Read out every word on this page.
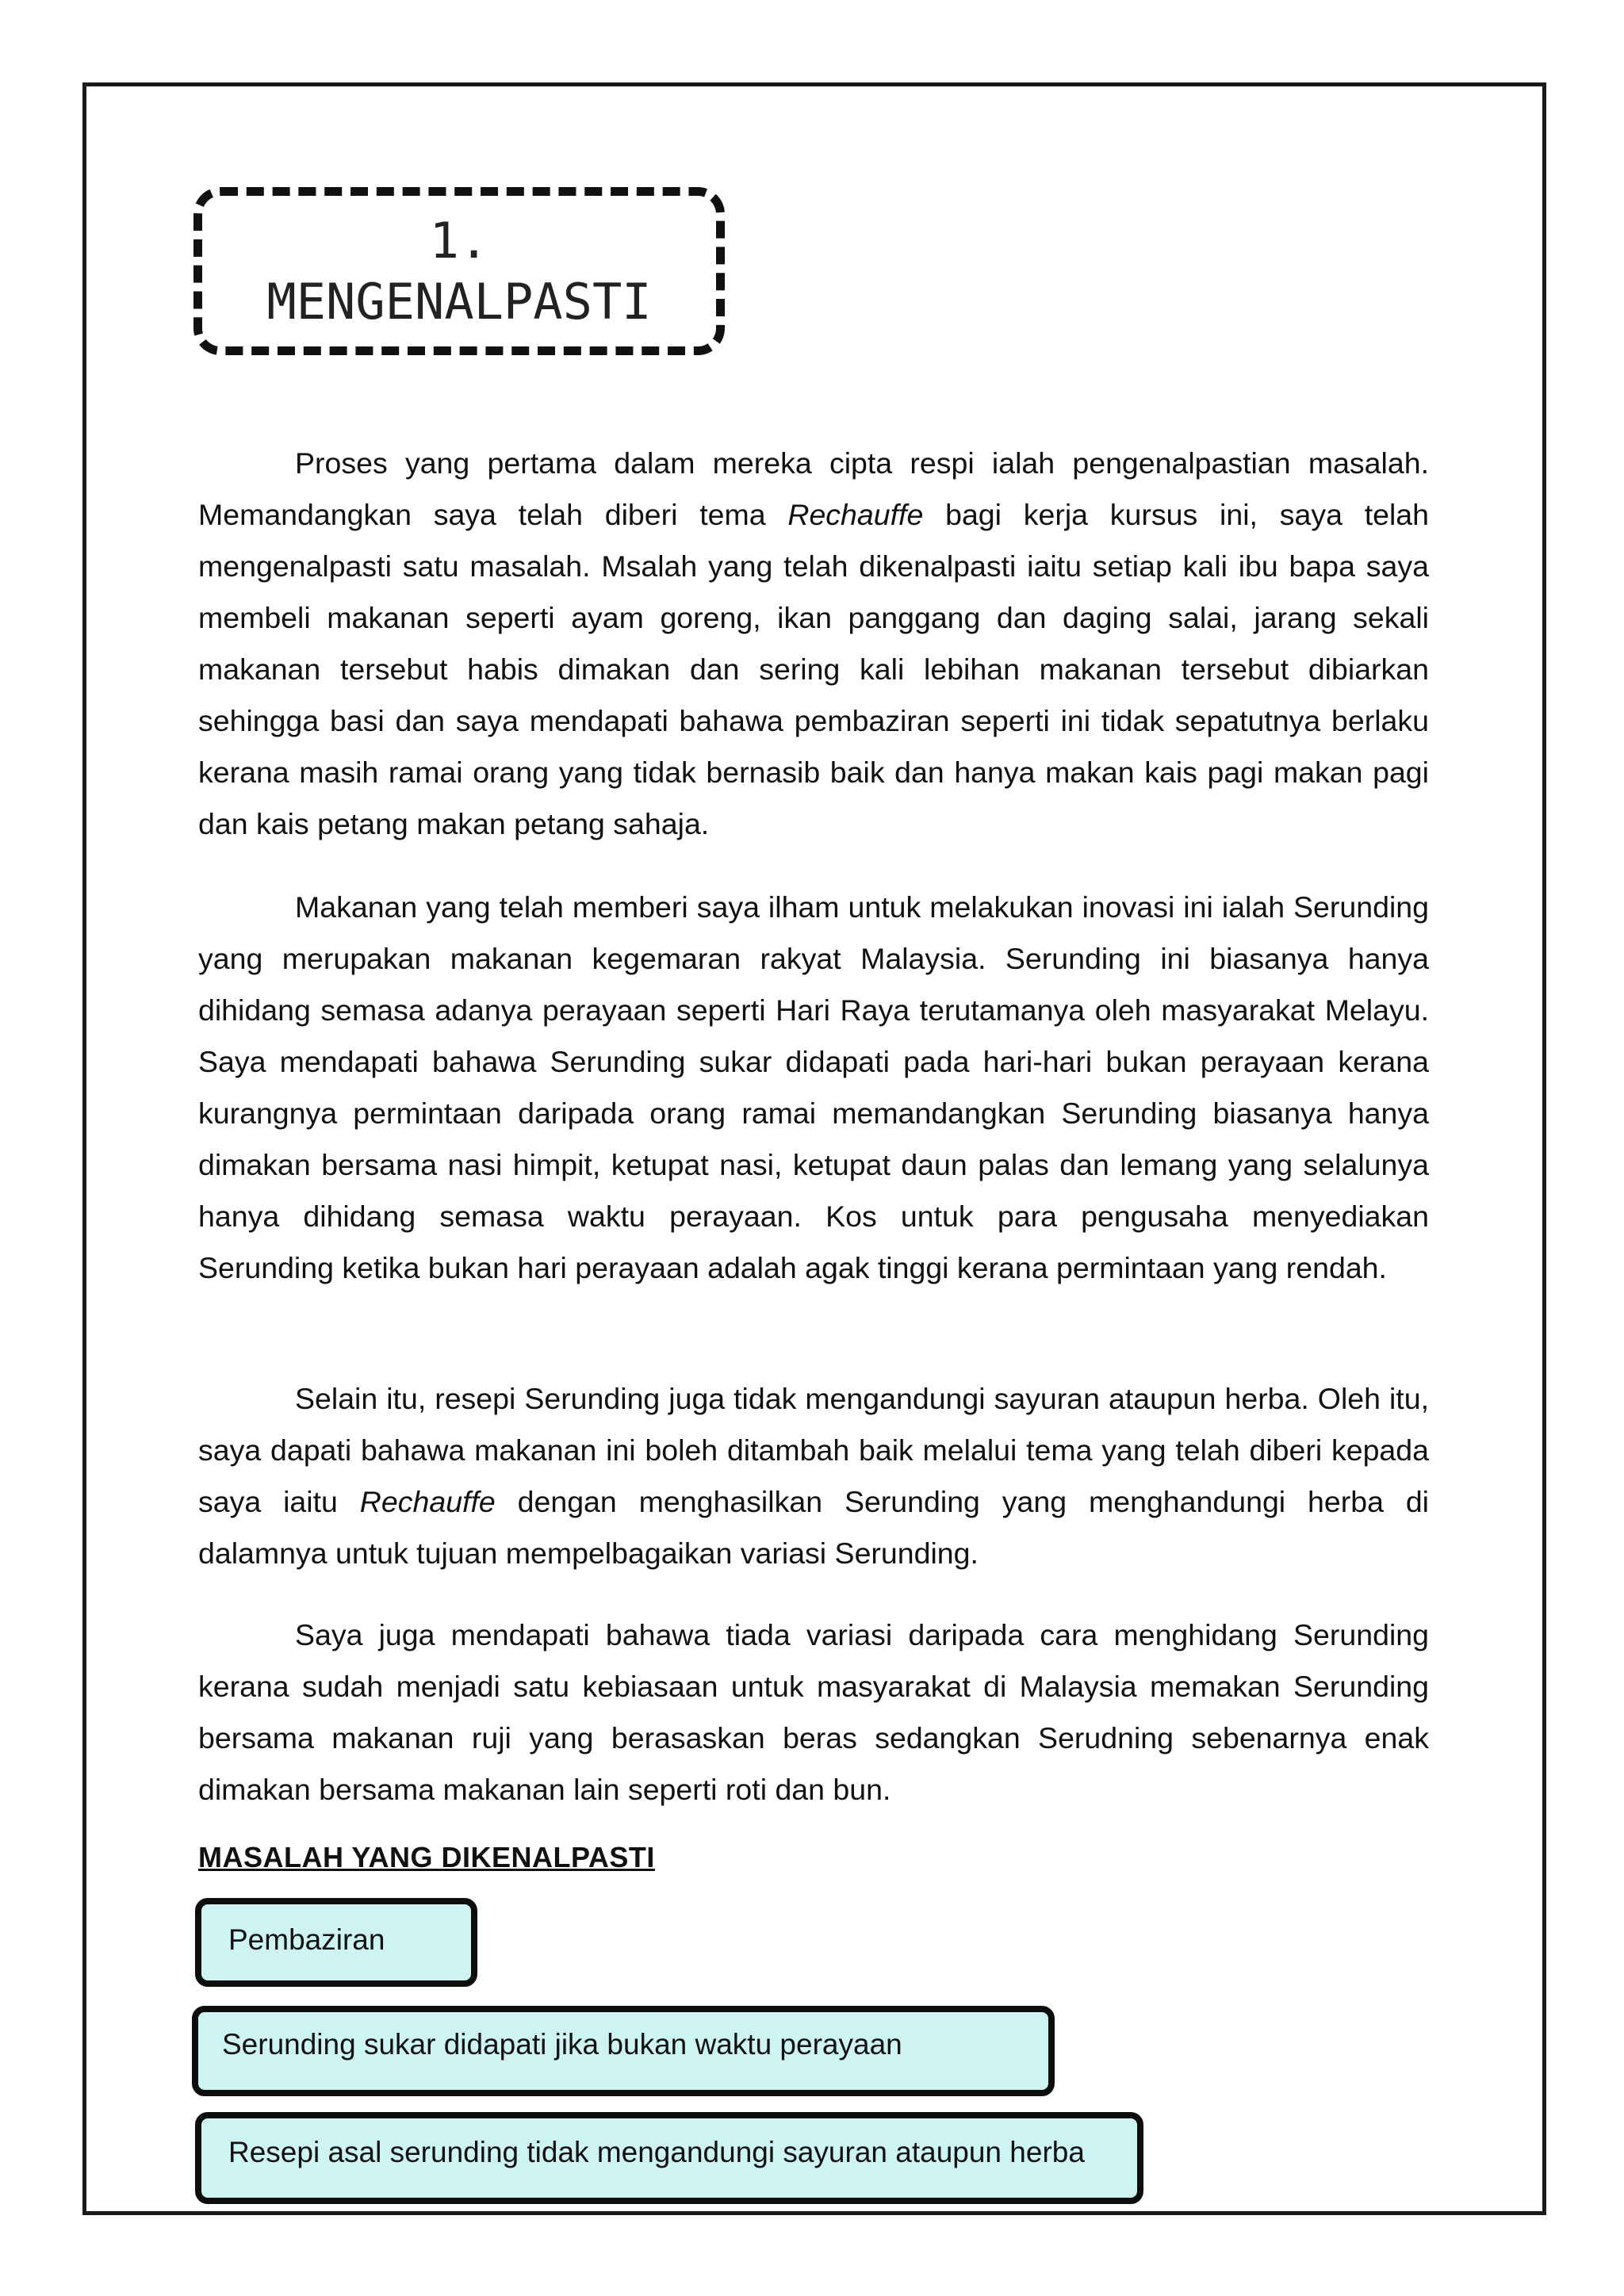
1.
MENGENALPASTI

Proses yang pertama dalam mereka cipta respi ialah pengenalpastian masalah. Memandangkan saya telah diberi tema Rechauffe bagi kerja kursus ini, saya telah mengenalpasti satu masalah. Msalah yang telah dikenalpasti iaitu setiap kali ibu bapa saya membeli makanan seperti ayam goreng, ikan panggang dan daging salai, jarang sekali makanan tersebut habis dimakan dan sering kali lebihan makanan tersebut dibiarkan sehingga basi dan saya mendapati bahawa pembaziran seperti ini tidak sepatutnya berlaku kerana masih ramai orang yang tidak bernasib baik dan hanya makan kais pagi makan pagi dan kais petang makan petang sahaja.

Makanan yang telah memberi saya ilham untuk melakukan inovasi ini ialah Serunding yang merupakan makanan kegemaran rakyat Malaysia. Serunding ini biasanya hanya dihidang semasa adanya perayaan seperti Hari Raya terutamanya oleh masyarakat Melayu. Saya mendapati bahawa Serunding sukar didapati pada hari-hari bukan perayaan kerana kurangnya permintaan daripada orang ramai memandangkan Serunding biasanya hanya dimakan bersama nasi himpit, ketupat nasi, ketupat daun palas dan lemang yang selalunya hanya dihidang semasa waktu perayaan. Kos untuk para pengusaha menyediakan Serunding ketika bukan hari perayaan adalah agak tinggi kerana permintaan yang rendah.

Selain itu, resepi Serunding juga tidak mengandungi sayuran ataupun herba. Oleh itu, saya dapati bahawa makanan ini boleh ditambah baik melalui tema yang telah diberi kepada saya iaitu Rechauffe dengan menghasilkan Serunding yang menghandungi herba di dalamnya untuk tujuan mempelbagaikan variasi Serunding.

Saya juga mendapati bahawa tiada variasi daripada cara menghidang Serunding kerana sudah menjadi satu kebiasaan untuk masyarakat di Malaysia memakan Serunding bersama makanan ruji yang berasaskan beras sedangkan Serudning sebenarnya enak dimakan bersama makanan lain seperti roti dan bun.

MASALAH YANG DIKENALPASTI
Pembaziran
Serunding sukar didapati jika bukan waktu perayaan
Resepi asal serunding tidak mengandungi sayuran ataupun herba
